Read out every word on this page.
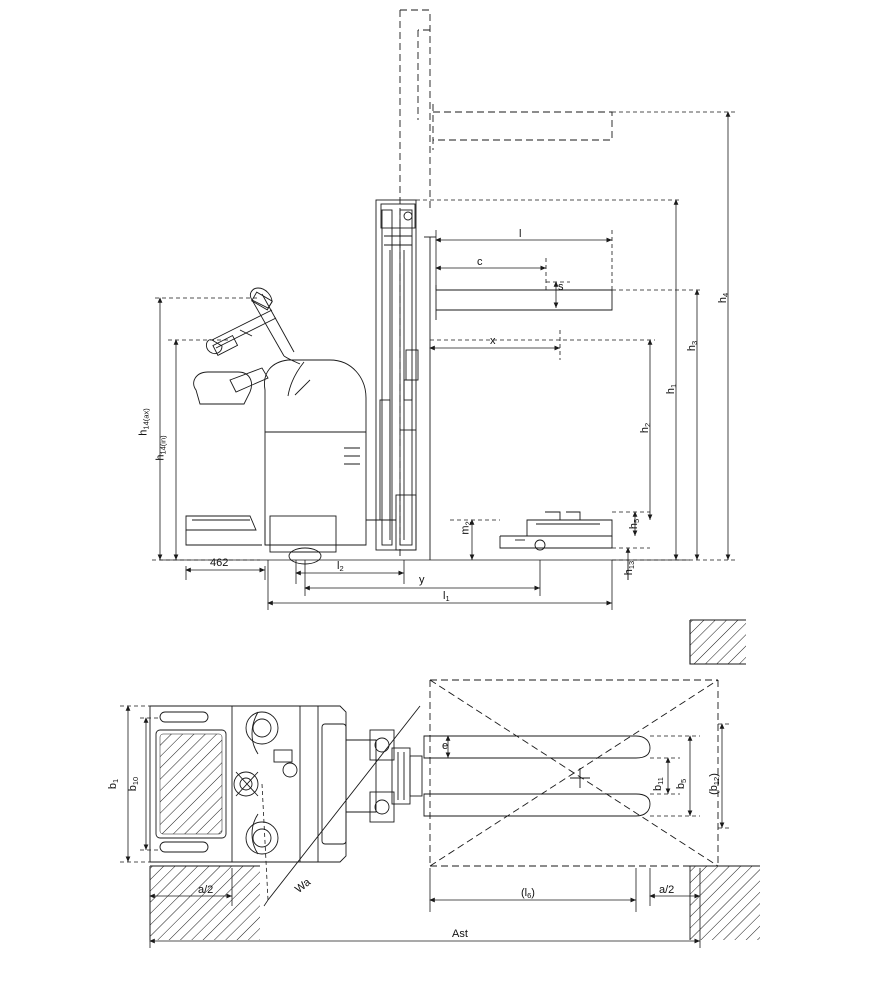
$h_4$
$h_3$
$h_1$
$h_2$
$h_{14(ax)}$
$h_{14(in)}$
$h_5$
$h_{13}$
$m_2$
l
c
s
x
y
$l_1$
$l_2$
462
$b_1$
$b_{10}$
e
$b_{11}$
$b_5$
$(b_{12})$
a/2	a/2
Wa	$(l_6)$
Ast
